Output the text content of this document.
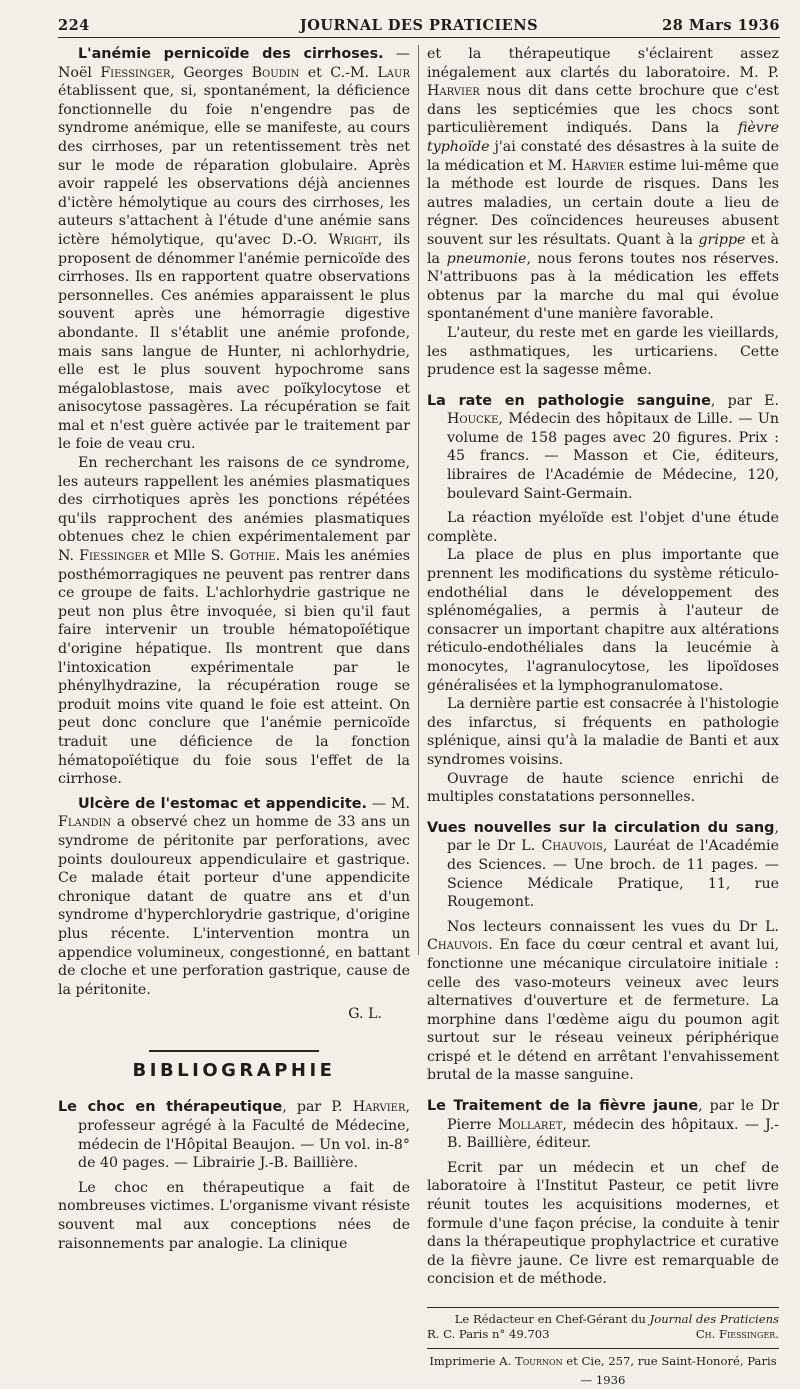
224	JOURNAL DES PRATICIENS	28 Mars 1936

L'anémie pernicoïde des cirrhoses. — Noël Fiessinger, Georges Boudin et C.-M. Laur établissent que, si, spontanément, la déficience fonctionnelle du foie n'engendre pas de syndrome anémique, elle se manifeste, au cours des cirrhoses, par un retentissement très net sur le mode de réparation globulaire. Après avoir rappelé les observations déjà anciennes d'ictère hémolytique au cours des cirrhoses, les auteurs s'attachent à l'étude d'une anémie sans ictère hémolytique, qu'avec D.-O. Wright, ils proposent de dénommer l'anémie pernicoïde des cirrhoses. Ils en rapportent quatre observations personnelles. Ces anémies apparaissent le plus souvent après une hémorragie digestive abondante. Il s'établit une anémie profonde, mais sans langue de Hunter, ni achlorhydrie, elle est le plus souvent hypochrome sans mégaloblastose, mais avec poïkylocytose et anisocytose passagères. La récupération se fait mal et n'est guère activée par le traitement par le foie de veau cru.

En recherchant les raisons de ce syndrome, les auteurs rappellent les anémies plasmatiques des cirrhotiques après les ponctions répétées qu'ils rapprochent des anémies plasmatiques obtenues chez le chien expérimentalement par N. Fiessinger et Mlle S. Gothie. Mais les anémies posthémorragiques ne peuvent pas rentrer dans ce groupe de faits. L'achlorhydrie gastrique ne peut non plus être invoquée, si bien qu'il faut faire intervenir un trouble hématopoïétique d'origine hépatique. Ils montrent que dans l'intoxication expérimentale par le phénylhydrazine, la récupération rouge se produit moins vite quand le foie est atteint. On peut donc conclure que l'anémie pernicoïde traduit une déficience de la fonction hématopoïétique du foie sous l'effet de la cirrhose.

Ulcère de l'estomac et appendicite. — M. Flandin a observé chez un homme de 33 ans un syndrome de péritonite par perforations, avec points douloureux appendiculaire et gastrique. Ce malade était porteur d'une appendicite chronique datant de quatre ans et d'un syndrome d'hyperchlorydrie gastrique, d'origine plus récente. L'intervention montra un appendice volumineux, congestionné, en battant de cloche et une perforation gastrique, cause de la péritonite.

G. L.

BIBLIOGRAPHIE

Le choc en thérapeutique, par P. Harvier, professeur agrégé à la Faculté de Médecine, médecin de l'Hôpital Beaujon. — Un vol. in-8° de 40 pages. — Librairie J.-B. Baillière.

Le choc en thérapeutique a fait de nombreuses victimes. L'organisme vivant résiste souvent mal aux conceptions nées de raisonnements par analogie. La clinique

et la thérapeutique s'éclairent assez inégalement aux clartés du laboratoire. M. P. Harvier nous dit dans cette brochure que c'est dans les septicémies que les chocs sont particulièrement indiqués. Dans la fièvre typhoïde j'ai constaté des désastres à la suite de la médication et M. Harvier estime lui-même que la méthode est lourde de risques. Dans les autres maladies, un certain doute a lieu de régner. Des coïncidences heureuses abusent souvent sur les résultats. Quant à la grippe et à la pneumonie, nous ferons toutes nos réserves. N'attribuons pas à la médication les effets obtenus par la marche du mal qui évolue spontanément d'une manière favorable.

L'auteur, du reste met en garde les vieillards, les asthmatiques, les urticariens. Cette prudence est la sagesse même.

La rate en pathologie sanguine, par E. Houcke, Médecin des hôpitaux de Lille. — Un volume de 158 pages avec 20 figures. Prix : 45 francs. — Masson et Cie, éditeurs, libraires de l'Académie de Médecine, 120, boulevard Saint-Germain.

La réaction myéloïde est l'objet d'une étude complète.

La place de plus en plus importante que prennent les modifications du système réticulo-endothélial dans le développement des splénomégalies, a permis à l'auteur de consacrer un important chapitre aux altérations réticulo-endothéliales dans la leucémie à monocytes, l'agranulocytose, les lipoïdoses généralisées et la lymphogranulomatose.

La dernière partie est consacrée à l'histologie des infarctus, si fréquents en pathologie splénique, ainsi qu'à la maladie de Banti et aux syndromes voisins.

Ouvrage de haute science enrichi de multiples constatations personnelles.

Vues nouvelles sur la circulation du sang, par le Dr L. Chauvois, Lauréat de l'Académie des Sciences. — Une broch. de 11 pages. — Science Médicale Pratique, 11, rue Rougemont.

Nos lecteurs connaissent les vues du Dr L. Chauvois. En face du cœur central et avant lui, fonctionne une mécanique circulatoire initiale : celle des vaso-moteurs veineux avec leurs alternatives d'ouverture et de fermeture. La morphine dans l'œdème aigu du poumon agit surtout sur le réseau veineux périphérique crispé et le détend en arrêtant l'envahissement brutal de la masse sanguine.

Le Traitement de la fièvre jaune, par le Dr Pierre Mollaret, médecin des hôpitaux. — J.-B. Baillière, éditeur.

Ecrit par un médecin et un chef de laboratoire à l'Institut Pasteur, ce petit livre réunit toutes les acquisitions modernes, et formule d'une façon précise, la conduite à tenir dans la thérapeutique prophylactrice et curative de la fièvre jaune. Ce livre est remarquable de concision et de méthode.

Le Rédacteur en Chef-Gérant du Journal des Praticiens
R. C. Paris n° 49.703	Ch. Fiessinger.

Imprimerie A. Tournon et Cie, 257, rue Saint-Honoré, Paris — 1936
